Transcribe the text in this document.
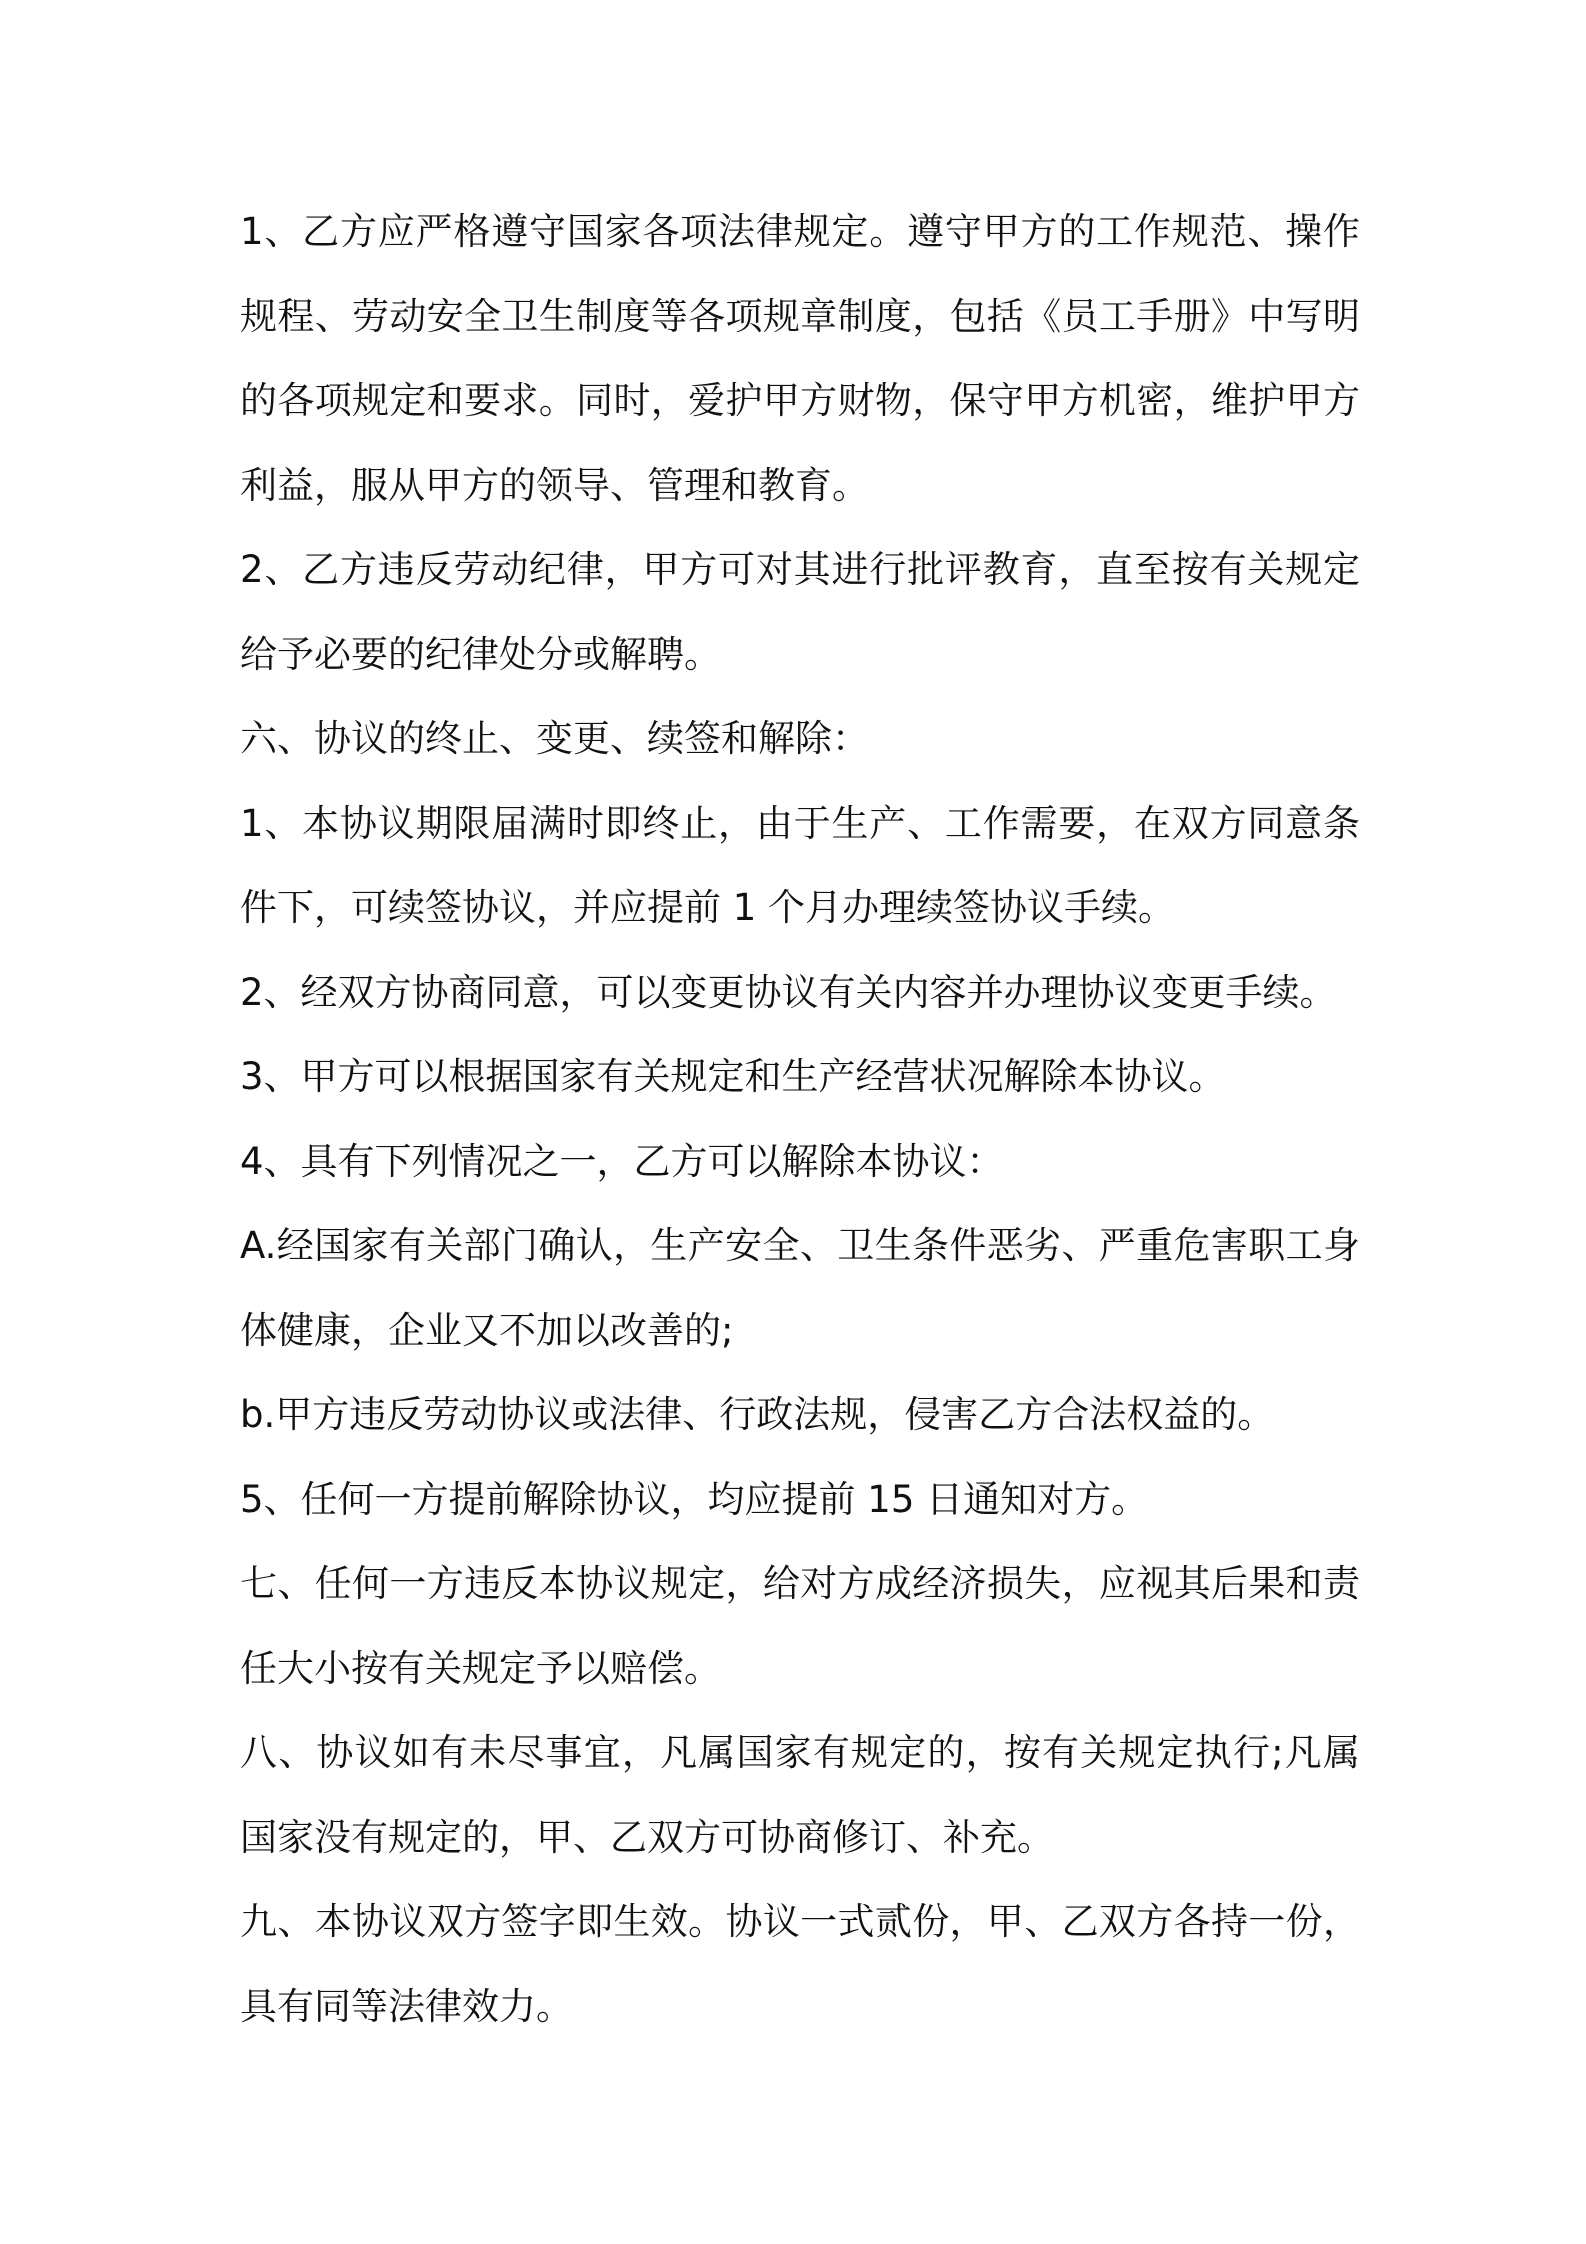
1、乙方应严格遵守国家各项法律规定。遵守甲方的工作规范、操作规程、劳动安全卫生制度等各项规章制度，包括《员工手册》中写明的各项规定和要求。同时，爱护甲方财物，保守甲方机密，维护甲方利益，服从甲方的领导、管理和教育。

2、乙方违反劳动纪律，甲方可对其进行批评教育，直至按有关规定给予必要的纪律处分或解聘。

六、协议的终止、变更、续签和解除：

1、本协议期限届满时即终止，由于生产、工作需要，在双方同意条件下，可续签协议，并应提前 1 个月办理续签协议手续。

2、经双方协商同意，可以变更协议有关内容并办理协议变更手续。

3、甲方可以根据国家有关规定和生产经营状况解除本协议。

4、具有下列情况之一，乙方可以解除本协议：

A.经国家有关部门确认，生产安全、卫生条件恶劣、严重危害职工身体健康，企业又不加以改善的;

b.甲方违反劳动协议或法律、行政法规，侵害乙方合法权益的。

5、任何一方提前解除协议，均应提前 15 日通知对方。

七、任何一方违反本协议规定，给对方成经济损失，应视其后果和责任大小按有关规定予以赔偿。

八、协议如有未尽事宜，凡属国家有规定的，按有关规定执行;凡属国家没有规定的，甲、乙双方可协商修订、补充。

九、本协议双方签字即生效。协议一式贰份，甲、乙双方各持一份，具有同等法律效力。
